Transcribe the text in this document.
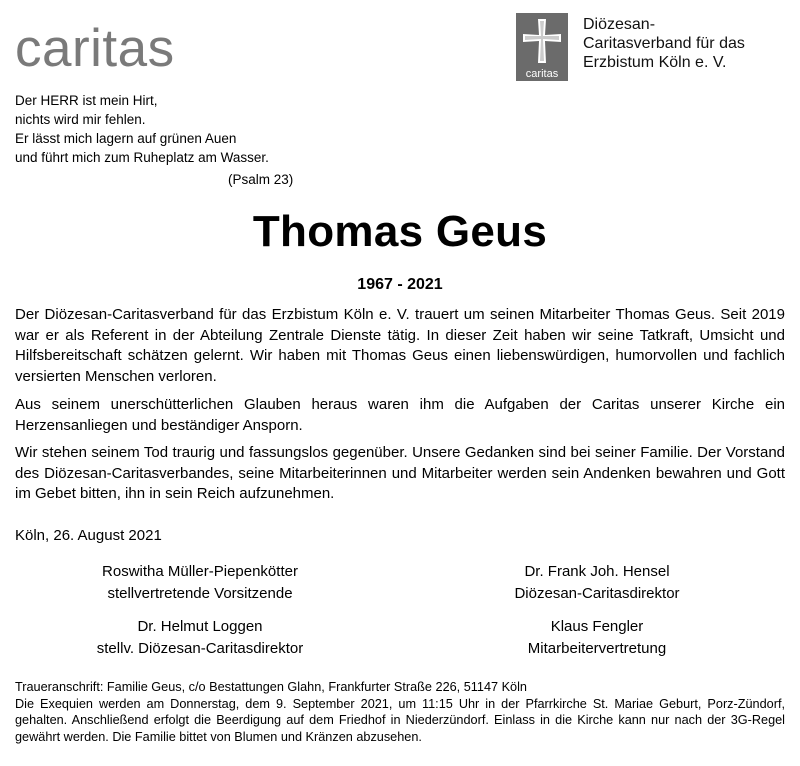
caritas	caritas
Diözesan-
Caritasverband für das
Erzbistum Köln e. V.
Der HERR ist mein Hirt,
nichts wird mir fehlen.
Er lässt mich lagern auf grünen Auen
und führt mich zum Ruheplatz am Wasser.
(Psalm 23)
Thomas Geus
1967 - 2021
Der Diözesan-Caritasverband für das Erzbistum Köln e. V. trauert um seinen Mitarbeiter Thomas Geus. Seit 2019 war er als Referent in der Abteilung Zentrale Dienste tätig. In dieser Zeit haben wir seine Tatkraft, Umsicht und Hilfsbereitschaft schätzen gelernt. Wir haben mit Thomas Geus einen liebenswürdigen, humorvollen und fachlich versierten Menschen verloren.
Aus seinem unerschütterlichen Glauben heraus waren ihm die Aufgaben der Caritas unserer Kirche ein Herzensanliegen und beständiger Ansporn.
Wir stehen seinem Tod traurig und fassungslos gegenüber. Unsere Gedanken sind bei seiner Familie. Der Vorstand des Diözesan-Caritasverbandes, seine Mitarbeiterinnen und Mitarbeiter werden sein Andenken bewahren und Gott im Gebet bitten, ihn in sein Reich aufzunehmen.
Köln, 26. August 2021
Roswitha Müller-Piepenkötter
stellvertretende Vorsitzende
Dr. Frank Joh. Hensel
Diözesan-Caritasdirektor
Dr. Helmut Loggen
stellv. Diözesan-Caritasdirektor
Klaus Fengler
Mitarbeitervertretung
Traueranschrift: Familie Geus, c/o Bestattungen Glahn, Frankfurter Straße 226, 51147 Köln
Die Exequien werden am Donnerstag, dem 9. September 2021, um 11:15 Uhr in der Pfarrkirche St. Mariae Geburt, Porz-Zündorf, gehalten. Anschließend erfolgt die Beerdigung auf dem Friedhof in Niederzündorf. Einlass in die Kirche kann nur nach der 3G-Regel gewährt werden. Die Familie bittet von Blumen und Kränzen abzusehen.
